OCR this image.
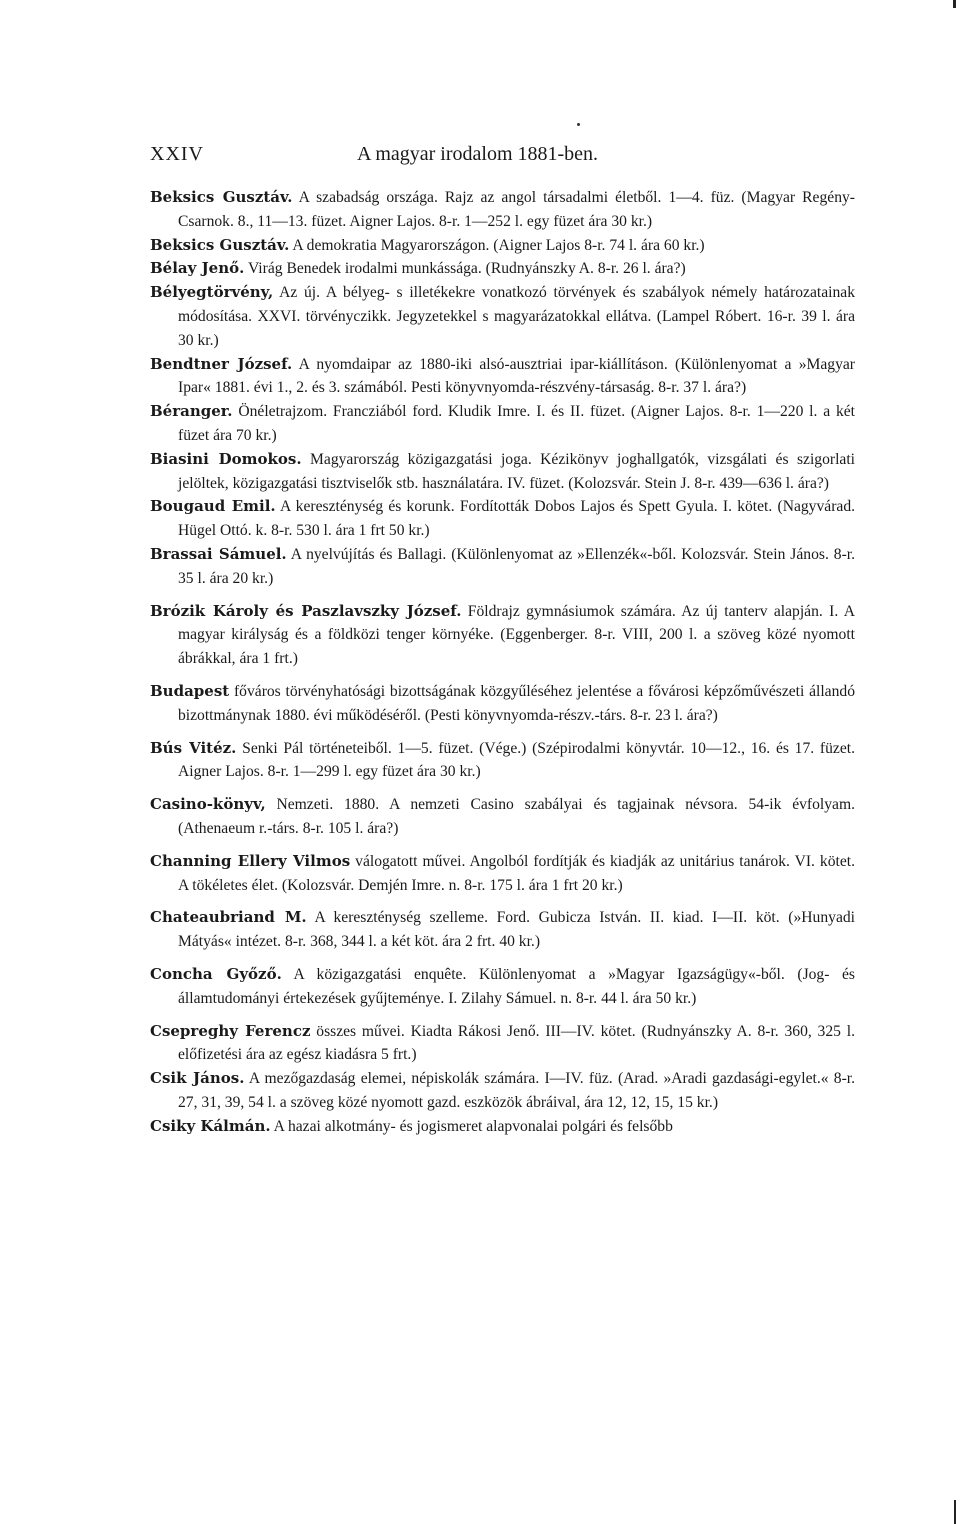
XXIV	A magyar irodalom 1881-ben.

Beksics Gusztáv. A szabadság országa. Rajz az angol társadalmi életből. 1—4. füz. (Magyar Regény-Csarnok. 8., 11—13. füzet. Aigner Lajos. 8-r. 1—252 l. egy füzet ára 30 kr.)

Beksics Gusztáv. A demokratia Magyarországon. (Aigner Lajos 8-r. 74 l. ára 60 kr.)

Bélay Jenő. Virág Benedek irodalmi munkássága. (Rudnyánszky A. 8-r. 26 l. ára?)

Bélyegtörvény, Az új. A bélyeg- s illetékekre vonatkozó törvények és szabályok némely határozatainak módosítása. XXVI. törvényczikk. Jegyzetekkel s magyarázatokkal ellátva. (Lampel Róbert. 16-r. 39 l. ára 30 kr.)

Bendtner József. A nyomdaipar az 1880-iki alsó-ausztriai ipar-kiállításon. (Különlenyomat a »Magyar Ipar« 1881. évi 1., 2. és 3. számából. Pesti könyvnyomda-részvény-társaság. 8-r. 37 l. ára?)

Béranger. Önéletrajzom. Francziából ford. Kludik Imre. I. és II. füzet. (Aigner Lajos. 8-r. 1—220 l. a két füzet ára 70 kr.)

Biasini Domokos. Magyarország közigazgatási joga. Kézikönyv joghallgatók, vizsgálati és szigorlati jelöltek, közigazgatási tisztviselők stb. használatára. IV. füzet. (Kolozsvár. Stein J. 8-r. 439—636 l. ára?)

Bougaud Emil. A kereszténység és korunk. Fordították Dobos Lajos és Spett Gyula. I. kötet. (Nagyvárad. Hügel Ottó. k. 8-r. 530 l. ára 1 frt 50 kr.)

Brassai Sámuel. A nyelvújítás és Ballagi. (Különlenyomat az »Ellenzék«-ből. Kolozsvár. Stein János. 8-r. 35 l. ára 20 kr.)

Brózik Károly és Paszlavszky József. Földrajz gymnásiumok számára. Az új tanterv alapján. I. A magyar királyság és a földközi tenger környéke. (Eggenberger. 8-r. VIII, 200 l. a szöveg közé nyomott ábrákkal, ára 1 frt.)

Budapest főváros törvényhatósági bizottságának közgyűléséhez jelentése a fővárosi képzőművészeti állandó bizottmánynak 1880. évi működéséről. (Pesti könyvnyomda-részv.-társ. 8-r. 23 l. ára?)

Bús Vitéz. Senki Pál történeteiből. 1—5. füzet. (Vége.) (Szépirodalmi könyvtár. 10—12., 16. és 17. füzet. Aigner Lajos. 8-r. 1—299 l. egy füzet ára 30 kr.)

Casino-könyv, Nemzeti. 1880. A nemzeti Casino szabályai és tagjainak névsora. 54-ik évfolyam. (Athenaeum r.-társ. 8-r. 105 l. ára?)

Channing Ellery Vilmos válogatott művei. Angolból fordítják és kiadják az unitárius tanárok. VI. kötet. A tökéletes élet. (Kolozsvár. Demjén Imre. n. 8-r. 175 l. ára 1 frt 20 kr.)

Chateaubriand M. A kereszténység szelleme. Ford. Gubicza István. II. kiad. I—II. köt. (»Hunyadi Mátyás« intézet. 8-r. 368, 344 l. a két köt. ára 2 frt. 40 kr.)

Concha Győző. A közigazgatási enquête. Különlenyomat a »Magyar Igazságügy«-ből. (Jog- és államtudományi értekezések gyűjteménye. I. Zilahy Sámuel. n. 8-r. 44 l. ára 50 kr.)

Csepreghy Ferencz összes művei. Kiadta Rákosi Jenő. III—IV. kötet. (Rudnyánszky A. 8-r. 360, 325 l. előfizetési ára az egész kiadásra 5 frt.)

Csik János. A mezőgazdaság elemei, népiskolák számára. I—IV. füz. (Arad. »Aradi gazdasági-egylet.« 8-r. 27, 31, 39, 54 l. a szöveg közé nyomott gazd. eszközök ábráival, ára 12, 12, 15, 15 kr.)

Csiky Kálmán. A hazai alkotmány- és jogismeret alapvonalai polgári és felsőbb
